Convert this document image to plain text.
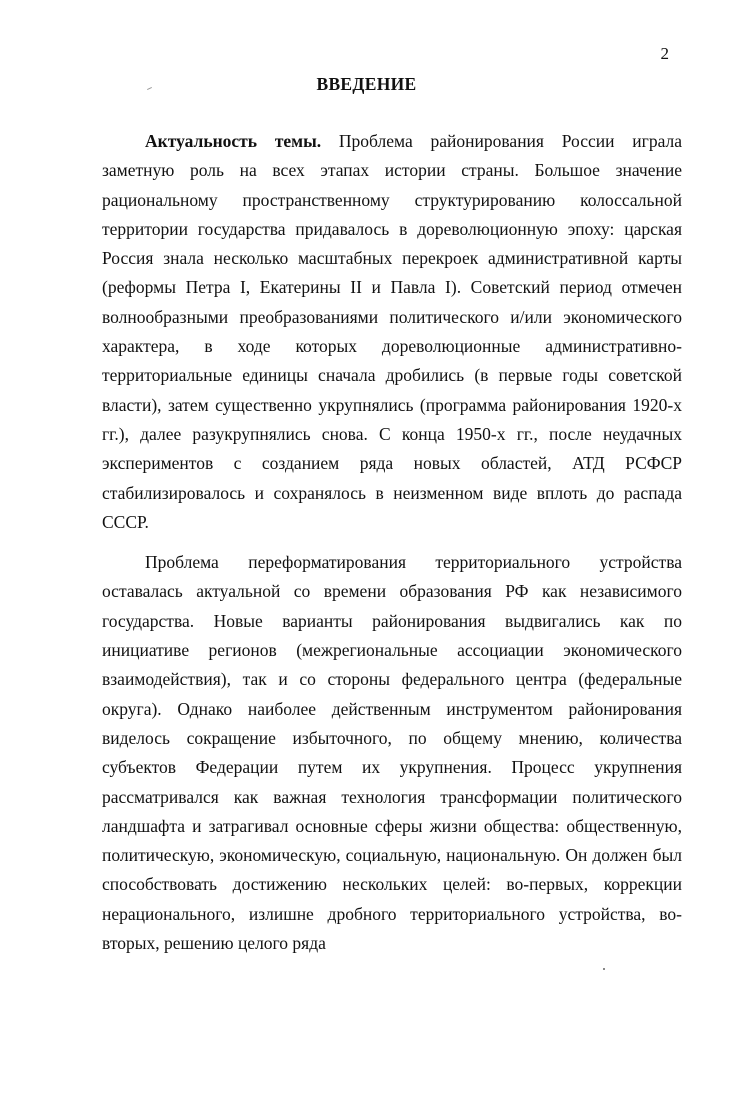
2
ВВЕДЕНИЕ

Актуальность темы. Проблема районирования России играла заметную роль на всех этапах истории страны. Большое значение рациональному пространственному структурированию колоссальной территории государства придавалось в дореволюционную эпоху: царская Россия знала несколько масштабных перекроек административной карты (реформы Петра I, Екатерины II и Павла I). Советский период отмечен волнообразными преобразованиями политического и/или экономического характера, в ходе которых дореволюционные административно-территориальные единицы сначала дробились (в первые годы советской власти), затем существенно укрупнялись (программа районирования 1920-х гг.), далее разукрупнялись снова. С конца 1950-х гг., после неудачных экспериментов с созданием ряда новых областей, АТД РСФСР стабилизировалось и сохранялось в неизменном виде вплоть до распада СССР.

Проблема переформатирования территориального устройства оставалась актуальной со времени образования РФ как независимого государства. Новые варианты районирования выдвигались как по инициативе регионов (межрегиональные ассоциации экономического взаимодействия), так и со стороны федерального центра (федеральные округа). Однако наиболее действенным инструментом районирования виделось сокращение избыточного, по общему мнению, количества субъектов Федерации путем их укрупнения. Процесс укрупнения рассматривался как важная технология трансформации политического ландшафта и затрагивал основные сферы жизни общества: общественную, политическую, экономическую, социальную, национальную. Он должен был способствовать достижению нескольких целей: во-первых, коррекции нерационального, излишне дробного территориального устройства, во-вторых, решению целого ряда
